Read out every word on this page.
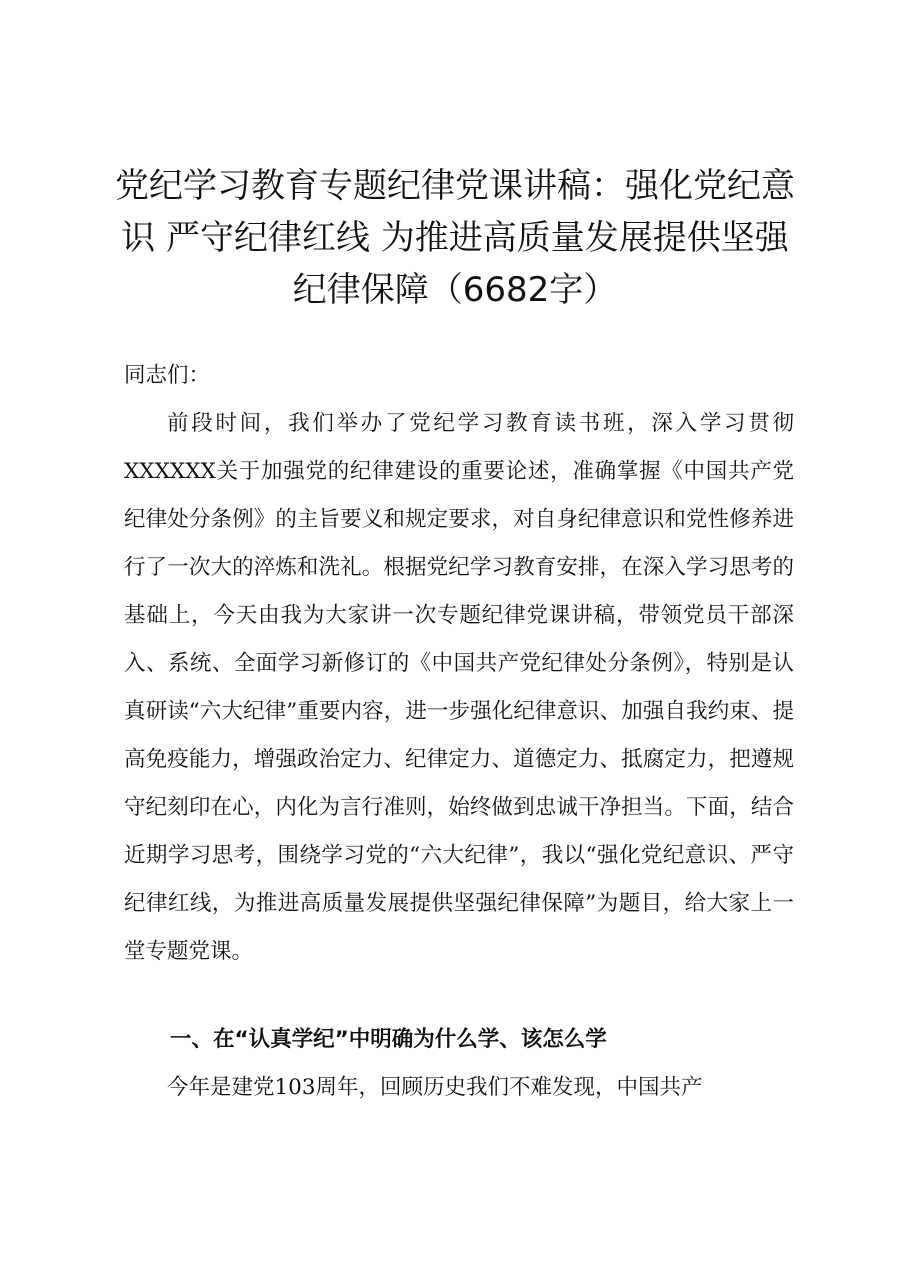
党纪学习教育专题纪律党课讲稿：强化党纪意识 严守纪律红线 为推进高质量发展提供坚强纪律保障（6682字）

同志们：

前段时间，我们举办了党纪学习教育读书班，深入学习贯彻XXXXXX关于加强党的纪律建设的重要论述，准确掌握《中国共产党纪律处分条例》的主旨要义和规定要求，对自身纪律意识和党性修养进行了一次大的淬炼和洗礼。根据党纪学习教育安排，在深入学习思考的基础上，今天由我为大家讲一次专题纪律党课讲稿，带领党员干部深入、系统、全面学习新修订的《中国共产党纪律处分条例》，特别是认真研读“六大纪律”重要内容，进一步强化纪律意识、加强自我约束、提高免疫能力，增强政治定力、纪律定力、道德定力、抵腐定力，把遵规守纪刻印在心，内化为言行准则，始终做到忠诚干净担当。下面，结合近期学习思考，围绕学习党的“六大纪律”，我以“强化党纪意识、严守纪律红线，为推进高质量发展提供坚强纪律保障”为题目，给大家上一堂专题党课。

一、在“认真学纪”中明确为什么学、该怎么学

今年是建党103周年，回顾历史我们不难发现，中国共产
